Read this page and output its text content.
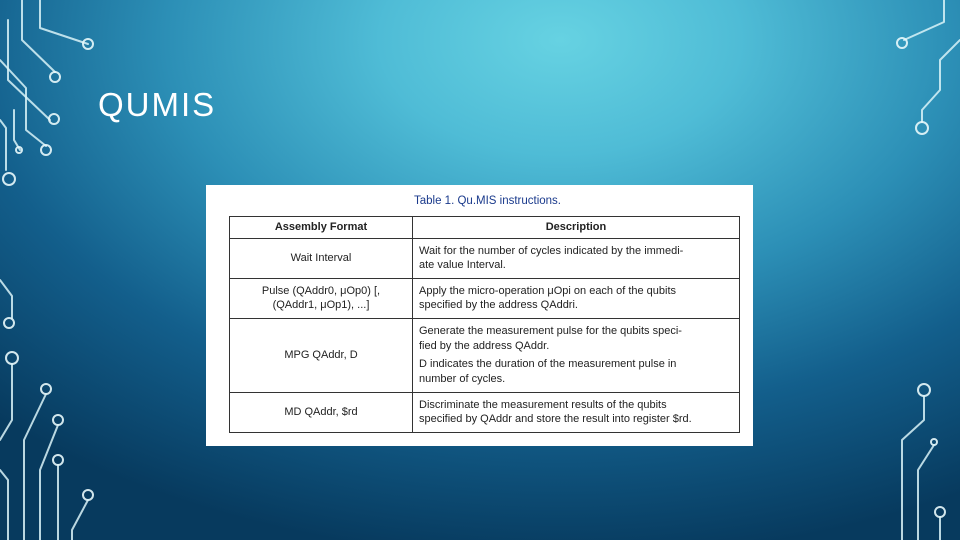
QUMIS
Table 1. Qu.MIS instructions.
Assembly Format	Description

Wait Interval	Wait for the number of cycles indicated by the immedi-
ate value Interval.

Pulse (QAddr0, μOp0) [,
(QAddr1, μOp1), ...]	Apply the micro-operation μOpi on each of the qubits
specified by the address QAddri.

MPG QAddr, D	Generate the measurement pulse for the qubits speci-
fied by the address QAddr.
D indicates the duration of the measurement pulse in
number of cycles.

MD QAddr, $rd	Discriminate the measurement results of the qubits
specified by QAddr and store the result into register $rd.
